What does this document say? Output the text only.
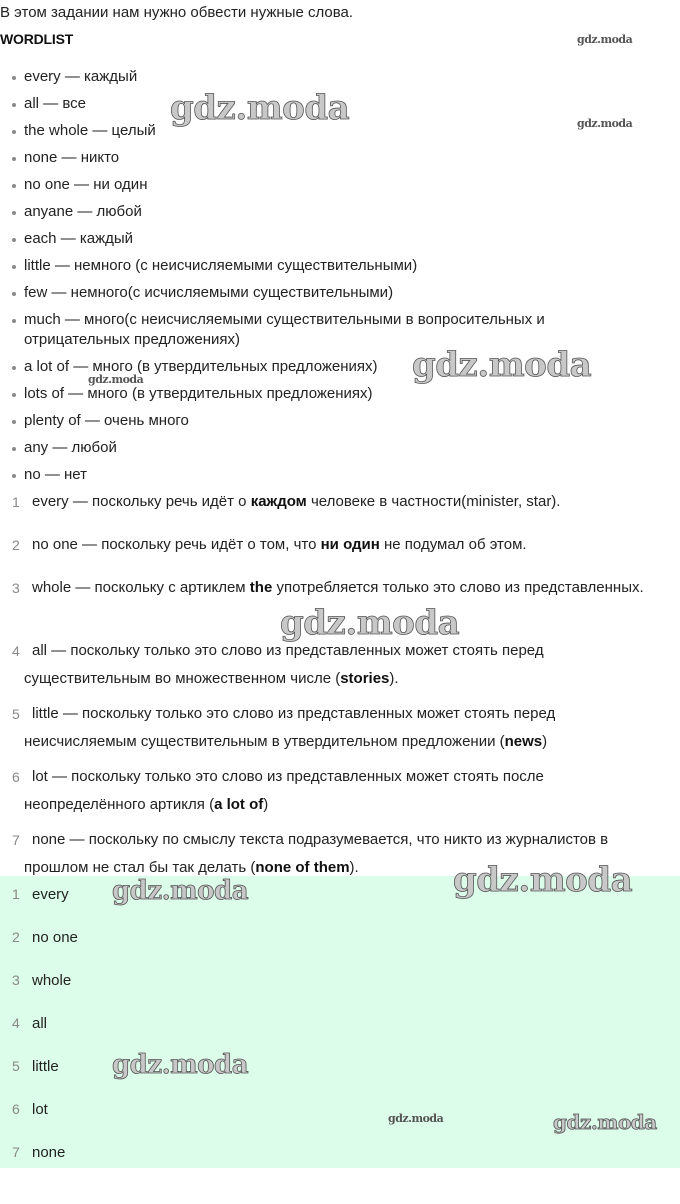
В этом задании нам нужно обвести нужные слова.
WORDLIST
every — каждый
all — все
the whole — целый
none — никто
no one — ни один
anyane — любой
each — каждый
little — немного (с неисчисляемыми существительными)
few — немного(с исчисляемыми существительными)
much — много(с неисчисляемыми существительными в вопросительных и отрицательных предложениях)
a lot of — много (в утвердительных предложениях)
lots of — много (в утвердительных предложениях)
plenty of — очень много
any — любой
no — нет
1 every — поскольку речь идёт о каждом человеке в частности(minister, star).
2 no one — поскольку речь идёт о том, что ни один не подумал об этом.
3 whole — поскольку с артиклем the употребляется только это слово из представленных.
4 all — поскольку только это слово из представленных может стоять перед существительным во множественном числе (stories).
5 little — поскольку только это слово из представленных может стоять перед неисчисляемым существительным в утвердительном предложении (news)
6 lot — поскольку только это слово из представленных может стоять после неопределённого артикля (a lot of)
7 none — поскольку по смыслу текста подразумевается, что никто из журналистов в прошлом не стал бы так делать (none of them).
1 every
2 no one
3 whole
4 all
5 little
6 lot
7 none
gdz.moda
gdz.moda	gdz.moda
gdz.moda
gdz.moda
gdz.moda
gdz.moda
gdz.moda
gdz.moda
gdz.moda	gdz.moda
